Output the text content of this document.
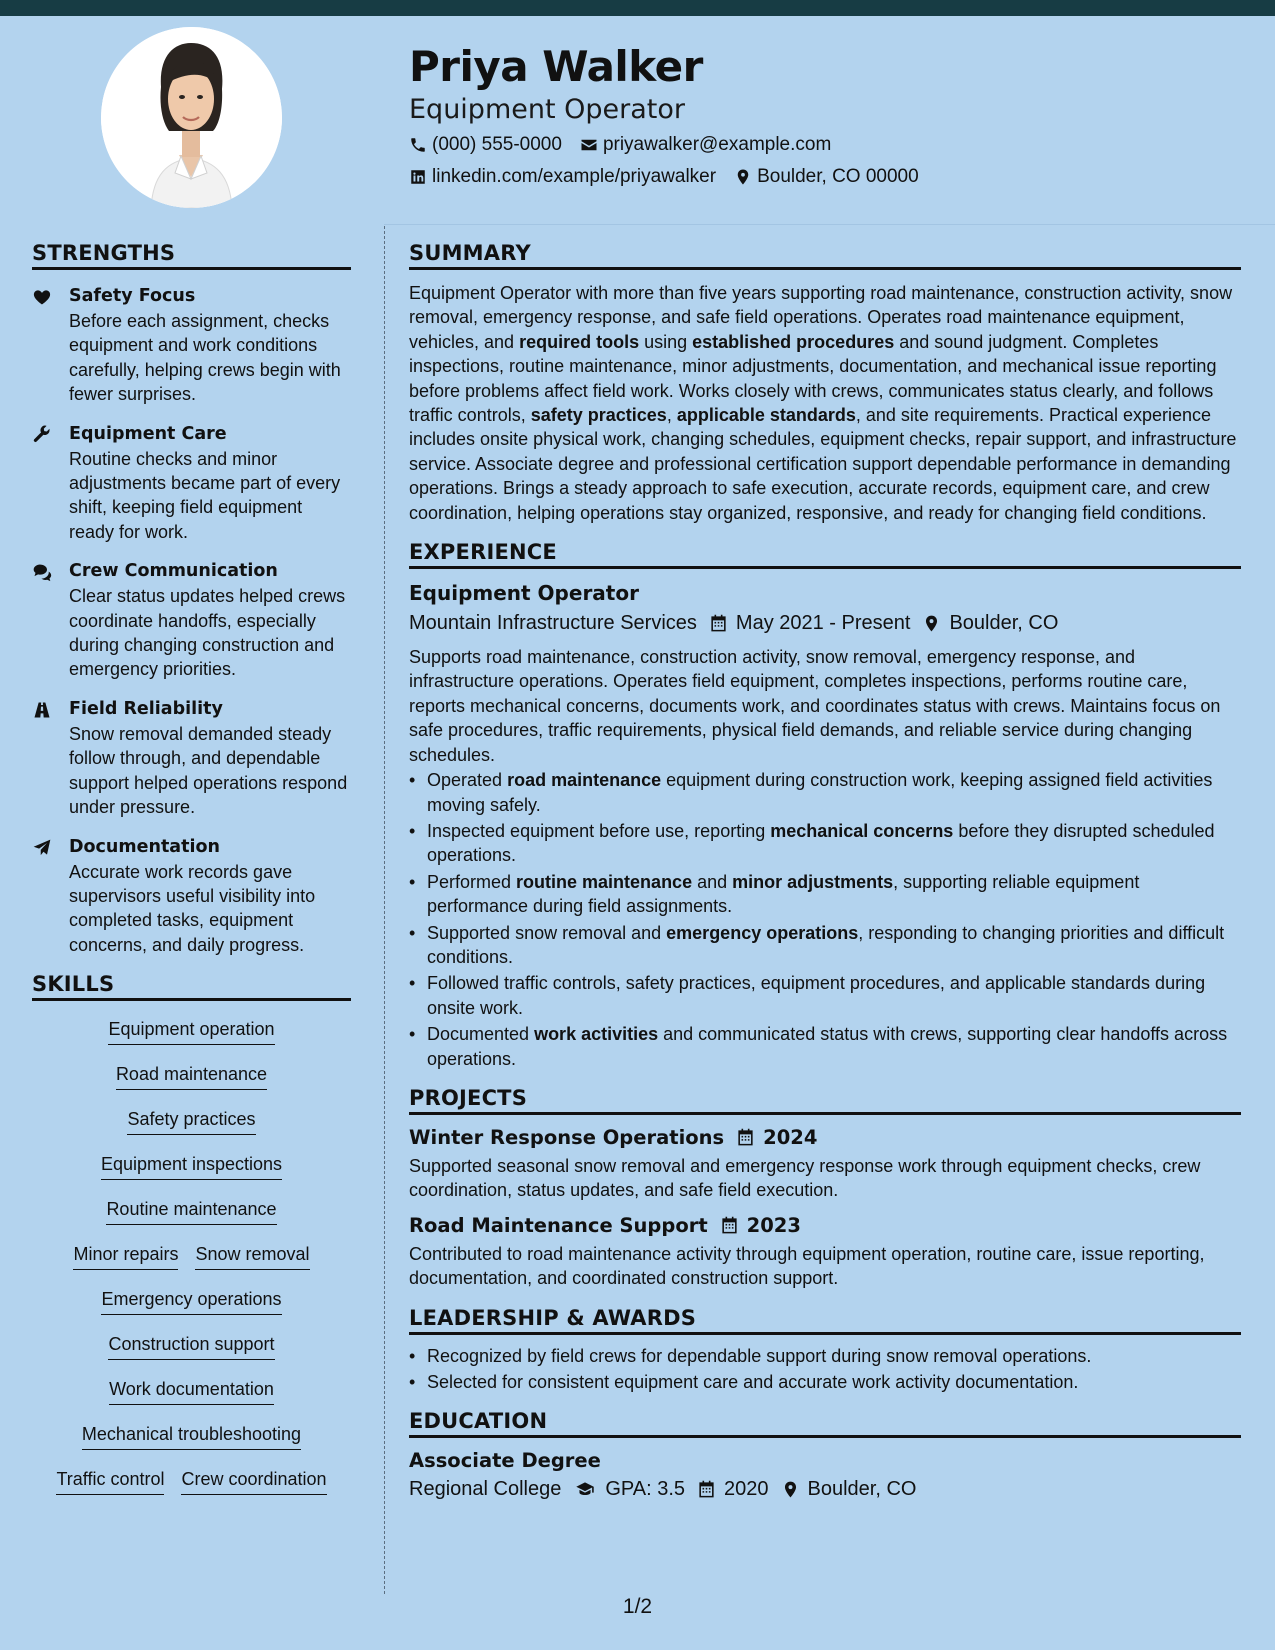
Priya Walker
Equipment Operator
(000) 555-0000 priyawalker@example.com
linkedin.com/example/priyawalker Boulder, CO 00000
STRENGTHS
Safety Focus
Before each assignment, checks equipment and work conditions carefully, helping crews begin with fewer surprises.
Equipment Care
Routine checks and minor adjustments became part of every shift, keeping field equipment ready for work.
Crew Communication
Clear status updates helped crews coordinate handoffs, especially during changing construction and emergency priorities.
Field Reliability
Snow removal demanded steady follow through, and dependable support helped operations respond under pressure.
Documentation
Accurate work records gave supervisors useful visibility into completed tasks, equipment concerns, and daily progress.
SKILLS
Equipment operation
Road maintenance
Safety practices
Equipment inspections
Routine maintenance
Minor repairs Snow removal
Emergency operations
Construction support
Work documentation
Mechanical troubleshooting
Traffic control Crew coordination
SUMMARY
Equipment Operator with more than five years supporting road maintenance, construction activity, snow removal, emergency response, and safe field operations. Operates road maintenance equipment, vehicles, and required tools using established procedures and sound judgment. Completes inspections, routine maintenance, minor adjustments, documentation, and mechanical issue reporting before problems affect field work. Works closely with crews, communicates status clearly, and follows traffic controls, safety practices, applicable standards, and site requirements. Practical experience includes onsite physical work, changing schedules, equipment checks, repair support, and infrastructure service. Associate degree and professional certification support dependable performance in demanding operations. Brings a steady approach to safe execution, accurate records, equipment care, and crew coordination, helping operations stay organized, responsive, and ready for changing field conditions.
EXPERIENCE
Equipment Operator
Mountain Infrastructure Services May 2021 - Present Boulder, CO
Supports road maintenance, construction activity, snow removal, emergency response, and infrastructure operations. Operates field equipment, completes inspections, performs routine care, reports mechanical concerns, documents work, and coordinates status with crews. Maintains focus on safe procedures, traffic requirements, physical field demands, and reliable service during changing schedules.
• Operated road maintenance equipment during construction work, keeping assigned field activities moving safely.
• Inspected equipment before use, reporting mechanical concerns before they disrupted scheduled operations.
• Performed routine maintenance and minor adjustments, supporting reliable equipment performance during field assignments.
• Supported snow removal and emergency operations, responding to changing priorities and difficult conditions.
• Followed traffic controls, safety practices, equipment procedures, and applicable standards during onsite work.
• Documented work activities and communicated status with crews, supporting clear handoffs across operations.
PROJECTS
Winter Response Operations 2024
Supported seasonal snow removal and emergency response work through equipment checks, crew coordination, status updates, and safe field execution.
Road Maintenance Support 2023
Contributed to road maintenance activity through equipment operation, routine care, issue reporting, documentation, and coordinated construction support.
LEADERSHIP & AWARDS
• Recognized by field crews for dependable support during snow removal operations.
• Selected for consistent equipment care and accurate work activity documentation.
EDUCATION
Associate Degree
Regional College GPA: 3.5 2020 Boulder, CO
1/2
